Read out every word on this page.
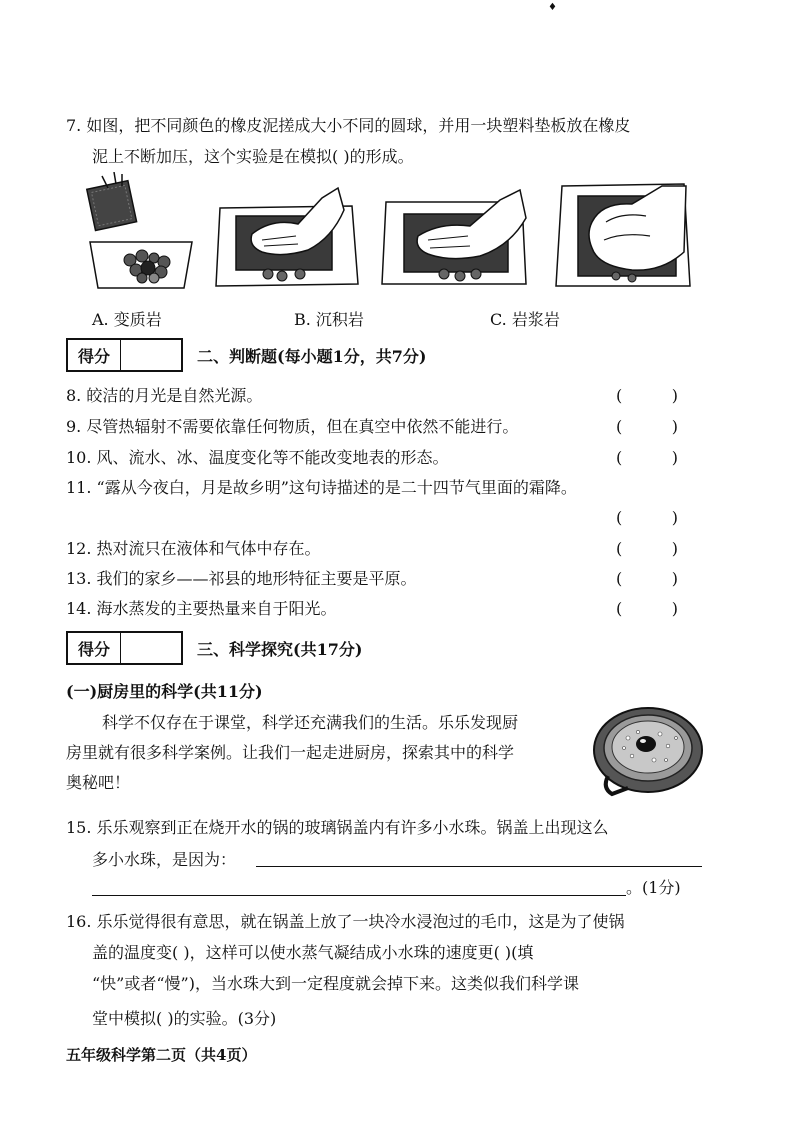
♦
7. 如图，把不同颜色的橡皮泥搓成大小不同的圆球，并用一块塑料垫板放在橡皮
泥上不断加压，这个实验是在模拟( )的形成。
A. 变质岩	B. 沉积岩	C. 岩浆岩
得分	二、判断题(每小题1分，共7分)
8. 皎洁的月光是自然光源。	(	)
9. 尽管热辐射不需要依靠任何物质，但在真空中依然不能进行。	(	)
10. 风、流水、冰、温度变化等不能改变地表的形态。	(	)
11. “露从今夜白，月是故乡明”这句诗描述的是二十四节气里面的霜降。
(	)
12. 热对流只在液体和气体中存在。	(	)
13. 我们的家乡——祁县的地形特征主要是平原。	(	)
14. 海水蒸发的主要热量来自于阳光。	(	)
得分	三、科学探究(共17分)
(一)厨房里的科学(共11分)
科学不仅存在于课堂，科学还充满我们的生活。乐乐发现厨
房里就有很多科学案例。让我们一起走进厨房，探索其中的科学
奥秘吧！
15. 乐乐观察到正在烧开水的锅的玻璃锅盖内有许多小水珠。锅盖上出现这么
多小水珠，是因为：
。(1分)
16. 乐乐觉得很有意思，就在锅盖上放了一块冷水浸泡过的毛巾，这是为了使锅
盖的温度变( )，这样可以使水蒸气凝结成小水珠的速度更( )(填
“快”或者“慢”)，当水珠大到一定程度就会掉下来。这类似我们科学课
堂中模拟( )的实验。(3分)
五年级科学第二页（共4页）
